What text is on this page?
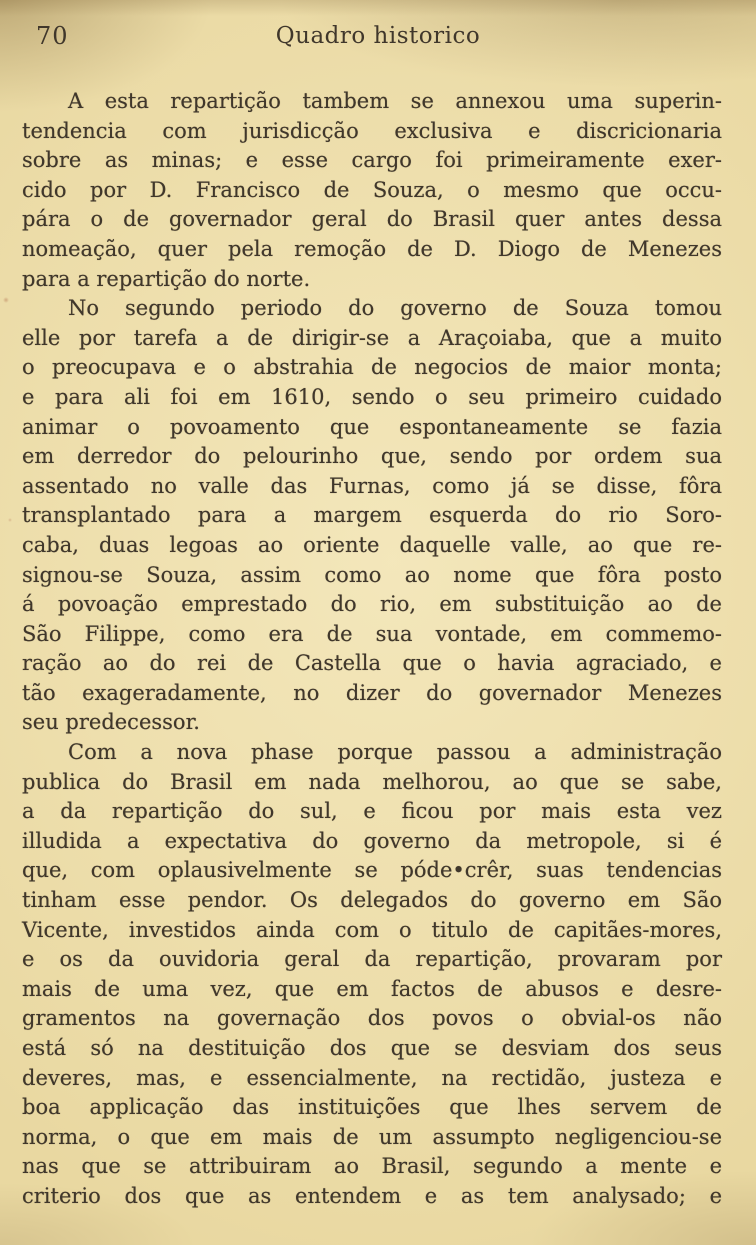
70	Quadro historico
A esta repartição tambem se annexou uma superin-
tendencia com jurisdicção exclusiva e discricionaria
sobre as minas; e esse cargo foi primeiramente exer-
cido por D. Francisco de Souza, o mesmo que occu-
pára o de governador geral do Brasil quer antes dessa
nomeação, quer pela remoção de D. Diogo de Menezes
para a repartição do norte.
No segundo periodo do governo de Souza tomou
elle por tarefa a de dirigir-se a Araçoiaba, que a muito
o preocupava e o abstrahia de negocios de maior monta;
e para ali foi em 1610, sendo o seu primeiro cuidado
animar o povoamento que espontaneamente se fazia
em derredor do pelourinho que, sendo por ordem sua
assentado no valle das Furnas, como já se disse, fôra
transplantado para a margem esquerda do rio Soro-
caba, duas legoas ao oriente daquelle valle, ao que re-
signou-se Souza, assim como ao nome que fôra posto
á povoação emprestado do rio, em substituição ao de
São Filippe, como era de sua vontade, em commemo-
ração ao do rei de Castella que o havia agraciado, e
tão exageradamente, no dizer do governador Menezes
seu predecessor.
Com a nova phase porque passou a administração
publica do Brasil em nada melhorou, ao que se sabe,
a da repartição do sul, e ficou por mais esta vez
illudida a expectativa do governo da metropole, si é
que, com oplausivelmente se póde•crêr, suas tendencias
tinham esse pendor. Os delegados do governo em São
Vicente, investidos ainda com o titulo de capitães-mores,
e os da ouvidoria geral da repartição, provaram por
mais de uma vez, que em factos de abusos e desre-
gramentos na governação dos povos o obvial-os não
está só na destituição dos que se desviam dos seus
deveres, mas, e essencialmente, na rectidão, justeza e
boa applicação das instituições que lhes servem de
norma, o que em mais de um assumpto negligenciou-se
nas que se attribuiram ao Brasil, segundo a mente e
criterio dos que as entendem e as tem analysado; e
